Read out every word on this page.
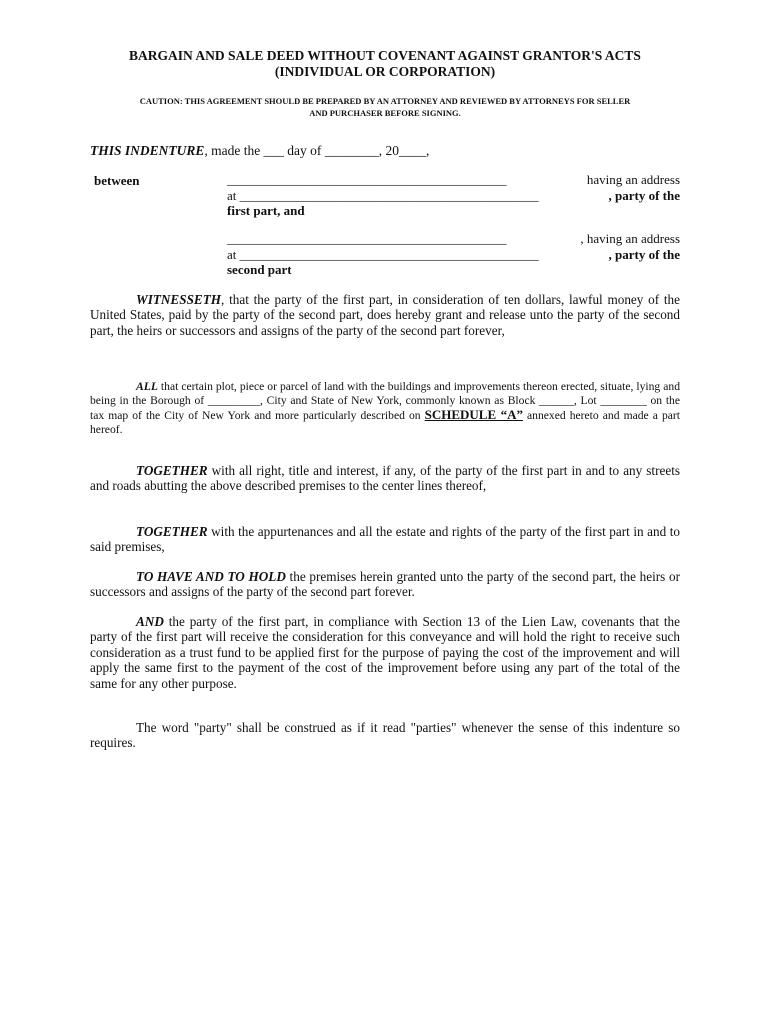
BARGAIN AND SALE DEED WITHOUT COVENANT AGAINST GRANTOR'S ACTS
(INDIVIDUAL OR CORPORATION)
CAUTION: THIS AGREEMENT SHOULD BE PREPARED BY AN ATTORNEY AND REVIEWED BY ATTORNEYS FOR SELLER
AND PURCHASER BEFORE SIGNING.
THIS INDENTURE, made the ___ day of ________, 20____,
between	___________________________________________	having an address
at ______________________________________________	, party of the
first part, and
___________________________________________	, having an address
at ______________________________________________	, party of the
second part
WITNESSETH, that the party of the first part, in consideration of ten dollars, lawful money of the United States, paid by the party of the second part, does hereby grant and release unto the party of the second part, the heirs or successors and assigns of the party of the second part forever,
ALL that certain plot, piece or parcel of land with the buildings and improvements thereon erected, situate, lying and being in the Borough of _________, City and State of New York, commonly known as Block ______, Lot ________ on the tax map of the City of New York and more particularly described on SCHEDULE “A” annexed hereto and made a part hereof.
TOGETHER with all right, title and interest, if any, of the party of the first part in and to any streets and roads abutting the above described premises to the center lines thereof,
TOGETHER with the appurtenances and all the estate and rights of the party of the first part in and to said premises,
TO HAVE AND TO HOLD the premises herein granted unto the party of the second part, the heirs or successors and assigns of the party of the second part forever.
AND the party of the first part, in compliance with Section 13 of the Lien Law, covenants that the party of the first part will receive the consideration for this conveyance and will hold the right to receive such consideration as a trust fund to be applied first for the purpose of paying the cost of the improvement and will apply the same first to the payment of the cost of the improvement before using any part of the total of the same for any other purpose.
The word "party" shall be construed as if it read "parties" whenever the sense of this indenture so requires.
